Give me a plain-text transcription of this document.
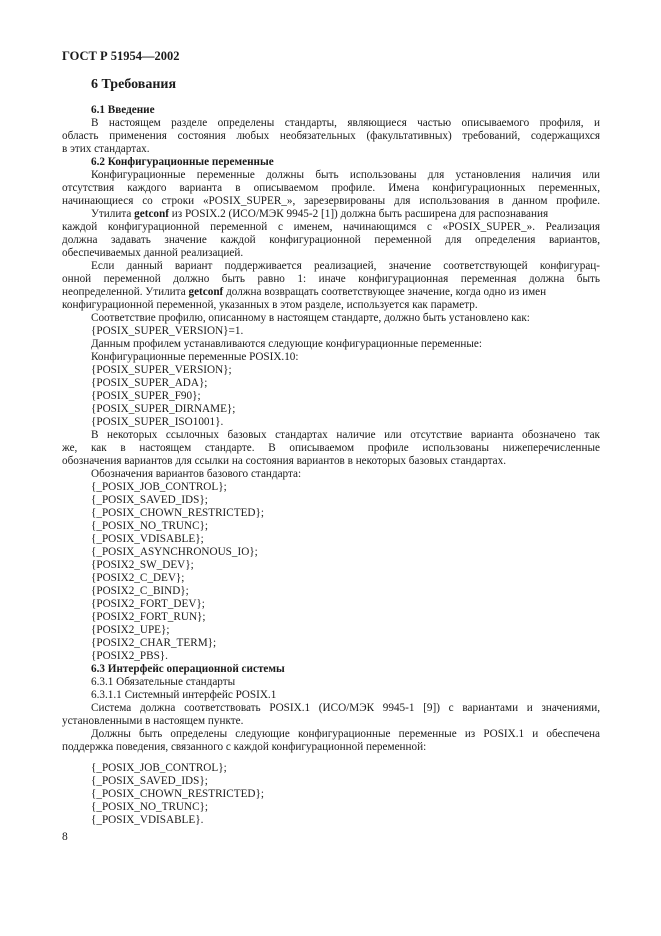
ГОСТ Р 51954—2002
6 Требования
6.1 Введение
В настоящем разделе определены стандарты, являющиеся частью описываемого профиля, и
область применения состояния любых необязательных (факультативных) требований, содержащихся
в этих стандартах.
6.2 Конфигурационные переменные
Конфигурационные переменные должны быть использованы для установления наличия или
отсутствия каждого варианта в описываемом профиле. Имена конфигурационных переменных,
начинающиеся со строки «POSIX_SUPER_», зарезервированы для использования в данном профиле.
Утилита getconf из POSIX.2 (ИСО/МЭК 9945-2 [1]) должна быть расширена для распознавания
каждой конфигурационной переменной с именем, начинающимся с «POSIX_SUPER_». Реализация
должна задавать значение каждой конфигурационной переменной для определения вариантов,
обеспечиваемых данной реализацией.
Если данный вариант поддерживается реализацией, значение соответствующей конфигурац-
онной переменной должно быть равно 1: иначе конфигурационная переменная должна быть
неопределенной. Утилита getconf должна возвращать соответствующее значение, когда одно из имен
конфигурационной переменной, указанных в этом разделе, используется как параметр.
Соответствие профилю, описанному в настоящем стандарте, должно быть установлено как:
{POSIX_SUPER_VERSION}=1.
Данным профилем устанавливаются следующие конфигурационные переменные:
Конфигурационные переменные POSIX.10:
{POSIX_SUPER_VERSION};
{POSIX_SUPER_ADA};
{POSIX_SUPER_F90};
{POSIX_SUPER_DIRNAME};
{POSIX_SUPER_ISO1001}.
В некоторых ссылочных базовых стандартах наличие или отсутствие варианта обозначено так
же, как в настоящем стандарте. В описываемом профиле использованы нижеперечисленные
обозначения вариантов для ссылки на состояния вариантов в некоторых базовых стандартах.
Обозначения вариантов базового стандарта:
{_POSIX_JOB_CONTROL};
{_POSIX_SAVED_IDS};
{_POSIX_CHOWN_RESTRICTED};
{_POSIX_NO_TRUNC};
{_POSIX_VDISABLE};
{_POSIX_ASYNCHRONOUS_IO};
{POSIX2_SW_DEV};
{POSIX2_C_DEV};
{POSIX2_C_BIND};
{POSIX2_FORT_DEV};
{POSIX2_FORT_RUN};
{POSIX2_UPE};
{POSIX2_CHAR_TERM};
{POSIX2_PBS}.
6.3 Интерфейс операционной системы
6.3.1 Обязательные стандарты
6.3.1.1 Системный интерфейс POSIX.1
Система должна соответствовать POSIX.1 (ИСО/МЭК 9945-1 [9]) с вариантами и значениями,
установленными в настоящем пункте.
Должны быть определены следующие конфигурационные переменные из POSIX.1 и обеспечена
поддержка поведения, связанного с каждой конфигурационной переменной:
{_POSIX_JOB_CONTROL};
{_POSIX_SAVED_IDS};
{_POSIX_CHOWN_RESTRICTED};
{_POSIX_NO_TRUNC};
{_POSIX_VDISABLE}.
8
